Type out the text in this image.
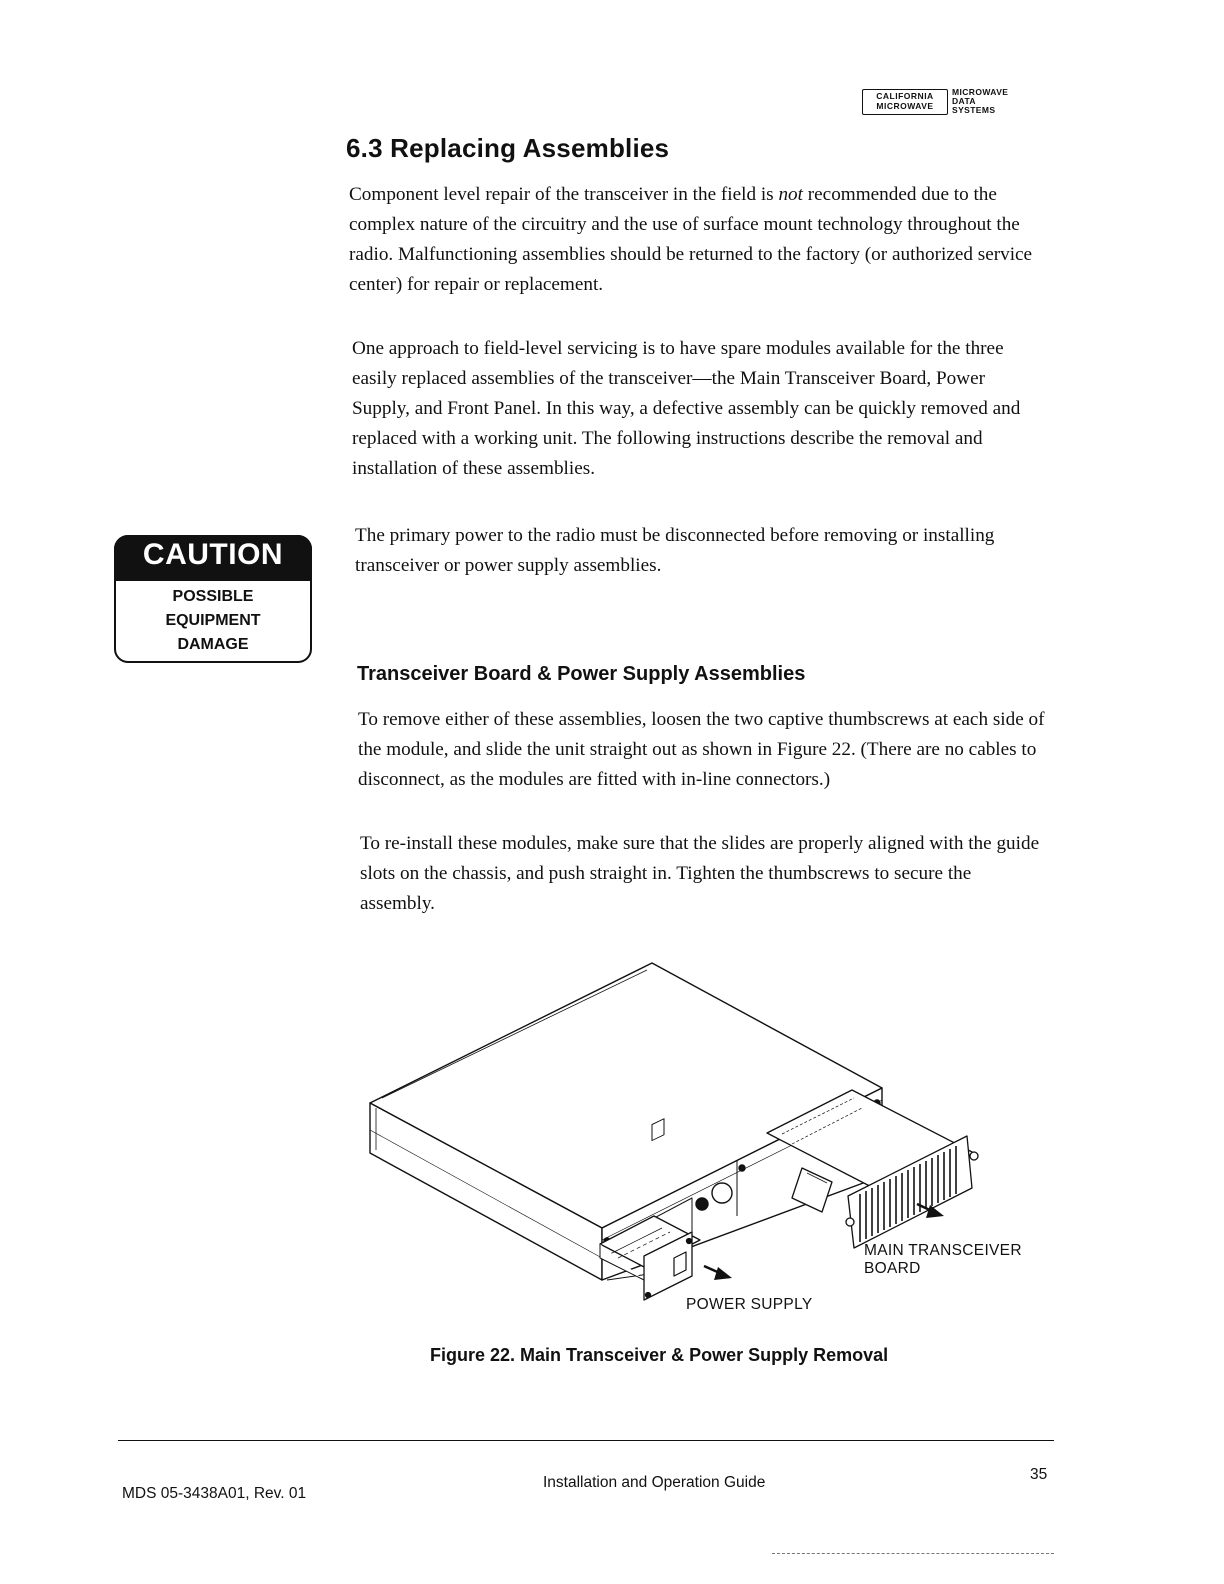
CALIFORNIA
MICROWAVE
MICROWAVE
DATA
SYSTEMS
6.3 Replacing Assemblies
Component level repair of the transceiver in the field is not recommended due to the complex nature of the circuitry and the use of surface mount technology throughout the radio. Malfunctioning assemblies should be returned to the factory (or authorized service center) for repair or replacement.
One approach to field-level servicing is to have spare modules available for the three easily replaced assemblies of the transceiver—the Main Transceiver Board, Power Supply, and Front Panel. In this way, a defective assembly can be quickly removed and replaced with a working unit. The following instructions describe the removal and installation of these assemblies.
The primary power to the radio must be disconnected before removing or installing transceiver or power supply assemblies.
CAUTION
POSSIBLE
EQUIPMENT
DAMAGE
Transceiver Board & Power Supply Assemblies
To remove either of these assemblies, loosen the two captive thumbscrews at each side of the module, and slide the unit straight out as shown in Figure 22. (There are no cables to disconnect, as the modules are fitted with in-line connectors.)
To re-install these modules, make sure that the slides are properly aligned with the guide slots on the chassis, and push straight in. Tighten the thumbscrews to secure the assembly.
MAIN TRANSCEIVER
BOARD
POWER SUPPLY
Figure 22. Main Transceiver & Power Supply Removal
MDS 05-3438A01, Rev. 01
Installation and Operation Guide	35
